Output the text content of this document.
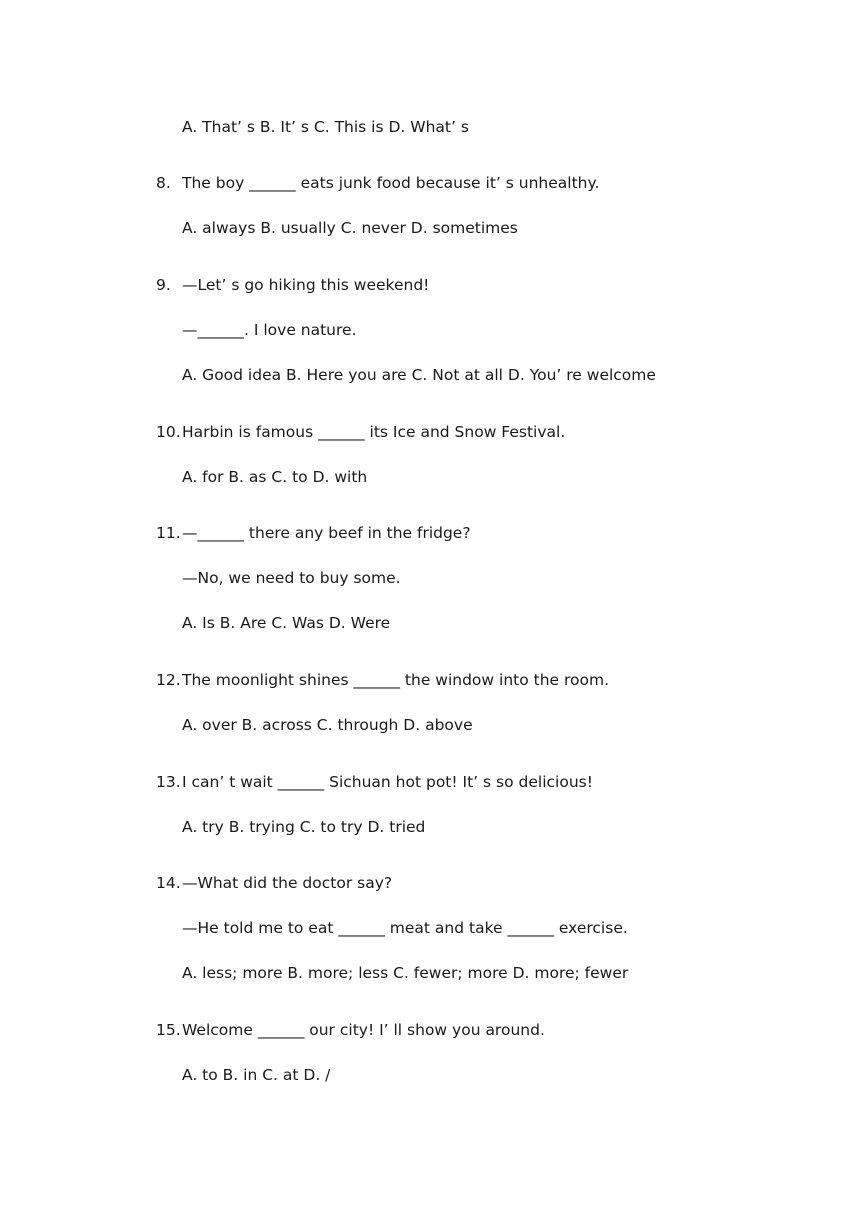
A. That’ s B. It’ s C. This is D. What’ s
8. The boy ______ eats junk food because it’ s unhealthy.
A. always B. usually C. never D. sometimes
9. —Let’ s go hiking this weekend!
—______. I love nature.
A. Good idea B. Here you are C. Not at all D. You’ re welcome
10. Harbin is famous ______ its Ice and Snow Festival.
A. for B. as C. to D. with
11. —______ there any beef in the fridge?
—No, we need to buy some.
A. Is B. Are C. Was D. Were
12. The moonlight shines ______ the window into the room.
A. over B. across C. through D. above
13. I can’ t wait ______ Sichuan hot pot! It’ s so delicious!
A. try B. trying C. to try D. tried
14. —What did the doctor say?
—He told me to eat ______ meat and take ______ exercise.
A. less; more B. more; less C. fewer; more D. more; fewer
15. Welcome ______ our city! I’ ll show you around.
A. to B. in C. at D. /
